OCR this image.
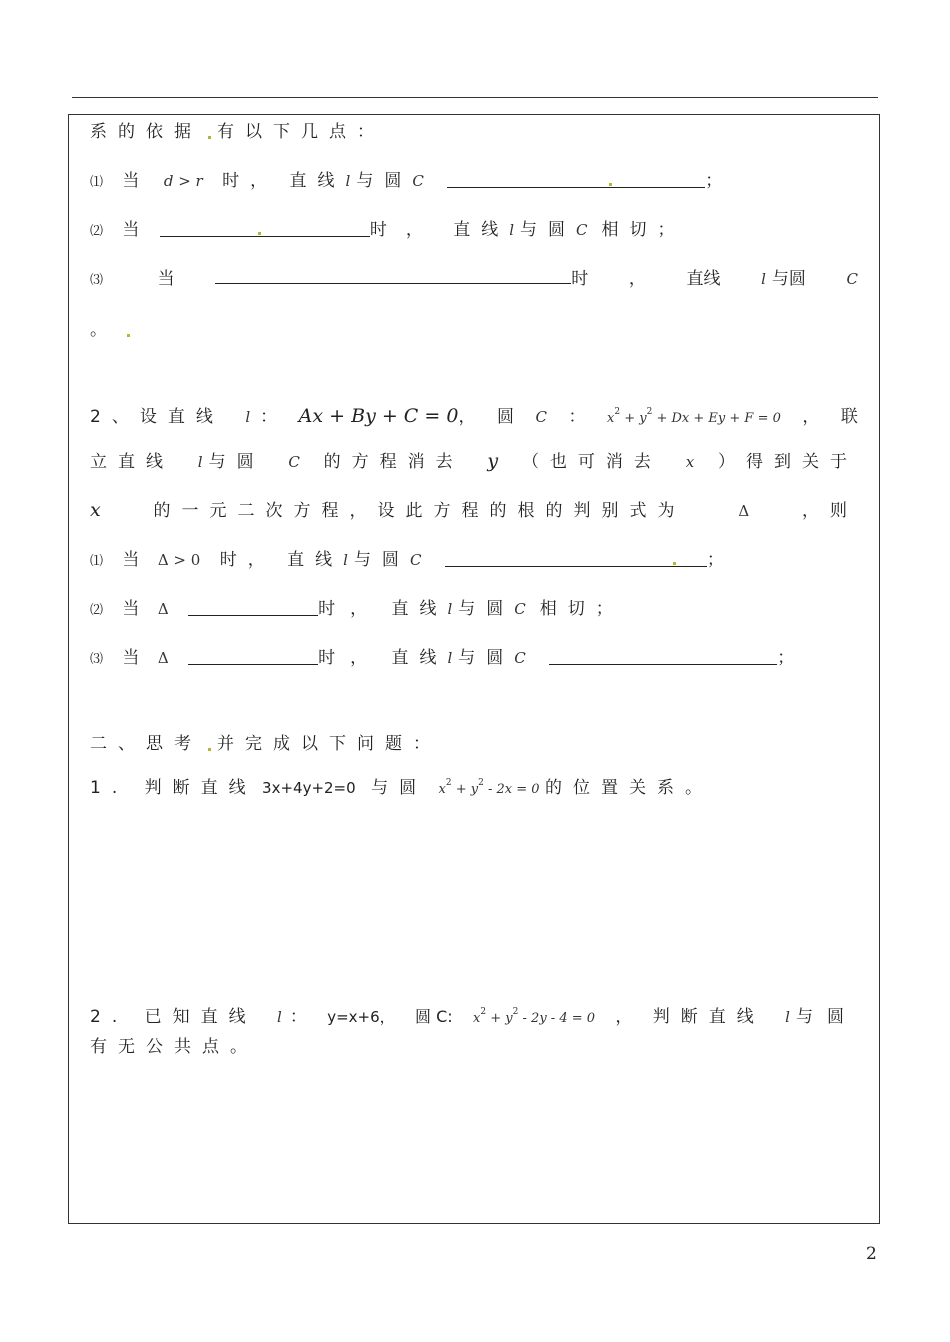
系的依据 有以下几点：
⑴ 当 d > r 时， 直线l 与圆C	；
⑵ 当	时 ， 直线l 与圆C 相切；
⑶	当	时 ， 直线	l 与圆	C
。
2、设直线 l ： Ax + By + C = 0 ， 圆 C ： $x^2 + y^2 + Dx + Ey + F = 0$ ， 联
立直线 l 与圆 C 的方程消去 y （也可消去 x ）得到关于
x	的一元二次方程，设此方程的根的判别式为	Δ	，则
⑴ 当 Δ > 0 时， 直线l 与圆C	；
⑵ 当 Δ	时 ， 直线l 与圆C 相切；
⑶ 当 Δ	时 ， 直线l 与圆C	；
二、思考 并完成以下问题：
1. 判断直线 3x+4y+2=0 与圆 $x^2 + y^2 - 2x = 0$ 的位置关系。
2. 已知直线 l ： y=x+6， 圆 C: $x^2 + y^2 - 2y - 4 = 0$ ， 判断直线 l 与圆
有无公共点。
2
